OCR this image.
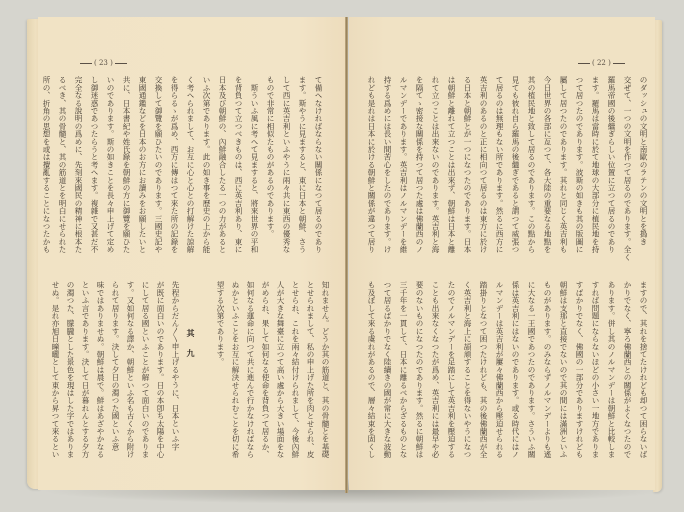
( 23 )	( 22 )
のダッシュの文明と南歐のラテンの文明とを搗き
交ぜて、一つの文明を作つて居るのであります。全く
羅馬帝國の後繼ぎらしい位置に立つて居るのであり
ます。羅馬は當時に於て地球の大部分に植民地を持
つて居つたのであります。波斯の如きも其の版圖に
屬して居つたのであります。其れと同じく英吉利も
今日世界の各部に亙つて、各大陸の重要なる地點を
其の植民地と致して居るのであります。この點から
見ても彼れ自ら羅馬の後繼ぎであると謂つて威張つ
て居るのは無理もない所であります。然るに西方に
英吉利のあるのと正に相向つて居るのは東方に於け
る日本と朝鮮とが一つになつたのであります。日本
は朝鮮と離れて立つことは出來ず、朝鮮は日本と離
れて立つことは出來ないのであります。英吉利と海
を隔てゝ密接な關係を持つて居つた處は佛蘭西のノ
ルマンデーであります。英吉利はノルマンデーを維
持する爲めには長い間苦心をしたのであります。け
れども是れは日本に於ける朝鮮と關係が違つて居り
ますので、其れを捨てたけれども却つて困らないば
かりでなく、寧ろ佛蘭西との關係がよくなつたので
あります。併し其のノルマンデーは朝鮮と比較しま
すれば問題にならないほどの小さい一地方でありま
すばかりでなく、佛國の一部分でありますけれども
朝鮮は支那と直接でないので其の間には滿洲といふ
ものがあります。のみならずノルマンデーよりも遙
に大なる一王國であつたのであります。さういふ關
係は英吉利にはないのであります。或る時代にはノ
ルマンデーは英吉利が屢々佛蘭西から壓迫せられる
踏掛りとなつて困つたけれども、其の後佛蘭西が全
く英吉利と海上に頡頏することを得ないやうになつ
たのでノルマンデーを足踏にして英吉利を壓迫する
ことも出來なくなつたが爲め、英吉利には最早や必
要のないものになつたのであります。然るに朝鮮は
三千年を一貫して、日本に離るべからざるものとな
つて居るばかりでなく陸續きの國が常に大きな波動
も及ぼして來る虞れがあるので、層々結束を固くし
て備へなければならない關係になつて居るのであり
ます。斯やうに見ますると、東に日本と朝鮮、さう
して西に英吉利といふやうに兩々共に東西の優秀な
もので非常に相似たものがあるのであります。
　斯ういふ風に考へて見ますると、將來世界の平和
を背負つて立つべきものは、西に英吉利あり、東に
日本及び朝鮮の、內鮮融合したる一つの力があると
いふ次第であります。此の如き事を歷史の上から能
く考へられまして、お互に心と心との打解けた諒解
を得らるゝが爲め、西方に傳はつて來た所の記錄を
交換して御覽を願ひたいのであります。三國史記や
東國通鑑などを日本のお方にお讀みをお願したいと
共に、日本書紀や姓氏錄を朝鮮の方に御覽を願ひた
いのであります。斯の如きことを長々申上げて定め
し御迷惑であつたらうと考へます。複雜で又甚だ不
完全なる說明の爲めに、先刻來國民の精神に根本た
るべき、其の骨髓と、其の筋道とを明白にせられた
所の、折角の思想を或は攪亂することになつたかも
知れません。どうか其の筋道と、其の骨髓とを基礎
とせられまして、私の申上げた所を肉とせられ、皮
とせられ、これを兩々結付けられまして、今後內鮮
人が大きな舞臺に立つて高い處から大きい場面をな
がめられ、果して如何なる使命を背負つて居るか、
如何なる運命に向つて共に進んで行かなければなら
ぬかといふことをお互に解決せられむことを切に希
望する次第であります。
其　九
先程からだん〳〵申上げるやうに、日本といふ字
が既に面白いのであります。日の本卽ち太陽を中心
にして居る國といふことが解つて面白いのでありま
す。又如何なる譯か、朝鮮といふ名も古くから附け
られて居ります。決して夕日の濁つた國といふ意
味ではありませぬ。朝鮮は晨で。鮮はあざやかなる
といふ言であります。決して日が暮れんとする夕方
の濁つた、朦朧とした景色を現はした字ではありま
せぬ。是れ亦旭日曈曨として東から昇つて來るとい
